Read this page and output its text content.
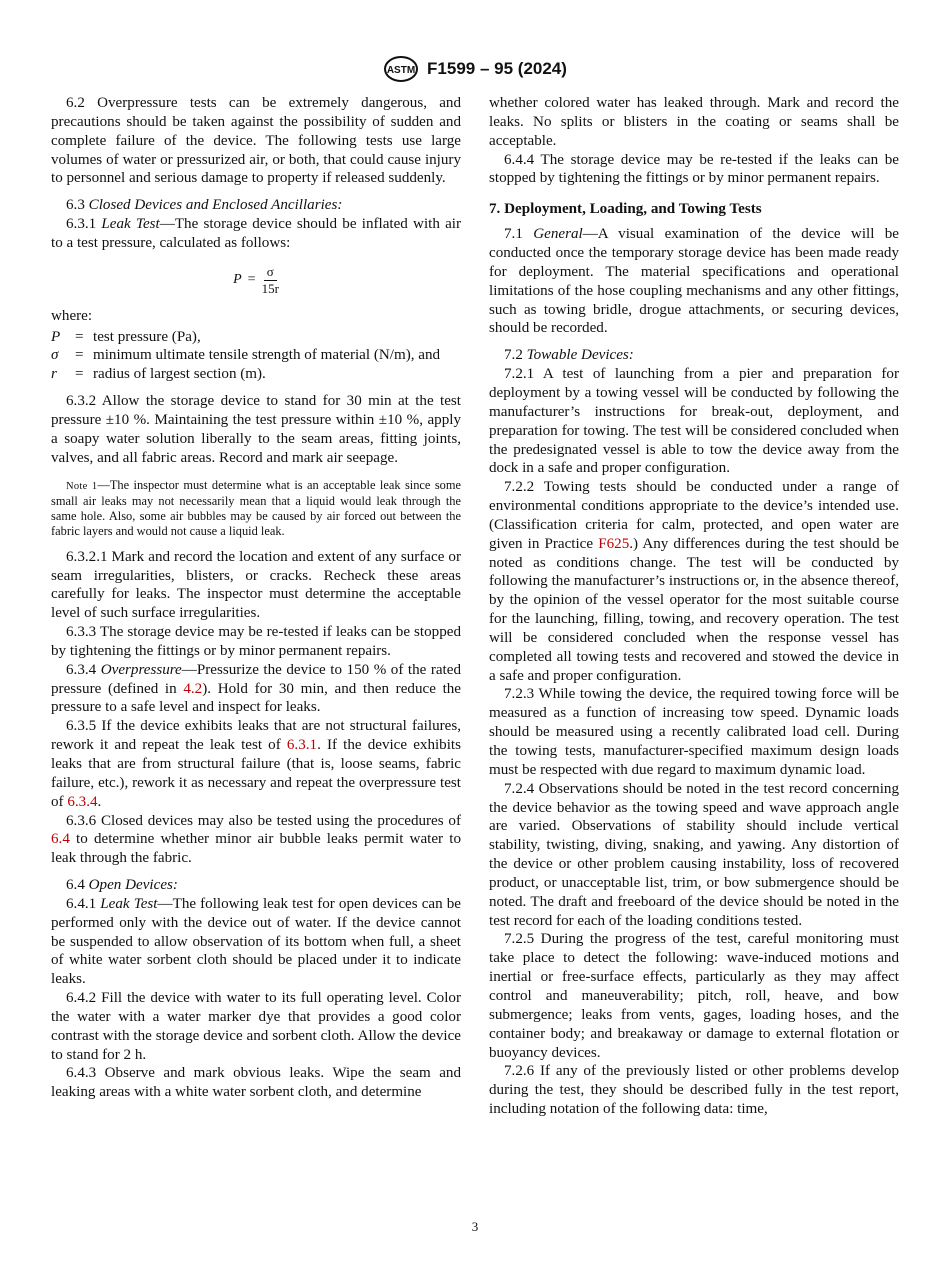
ASTM F1599 – 95 (2024)

6.2 Overpressure tests can be extremely dangerous, and precautions should be taken against the possibility of sudden and complete failure of the device. The following tests use large volumes of water or pressurized air, or both, that could cause injury to personnel and serious damage to property if released suddenly.

6.3 Closed Devices and Enclosed Ancillaries:

6.3.1 Leak Test—The storage device should be inflated with air to a test pressure, calculated as follows:

$P = \frac{\sigma}{15r}$

where:

P = test pressure (Pa),
σ	= minimum ultimate tensile strength of material (N/m), and
r	= radius of largest section (m).

6.3.2 Allow the storage device to stand for 30 min at the test pressure ±10 %. Maintaining the test pressure within ±10 %, apply a soapy water solution liberally to the seam areas, fitting joints, valves, and all fabric areas. Record and mark air seepage.

Note 1—The inspector must determine what is an acceptable leak since some small air leaks may not necessarily mean that a liquid would leak through the same hole. Also, some air bubbles may be caused by air forced out between the fabric layers and would not cause a liquid leak.

6.3.2.1 Mark and record the location and extent of any surface or seam irregularities, blisters, or cracks. Recheck these areas carefully for leaks. The inspector must determine the acceptable level of such surface irregularities.

6.3.3 The storage device may be re-tested if leaks can be stopped by tightening the fittings or by minor permanent repairs.

6.3.4 Overpressure—Pressurize the device to 150 % of the rated pressure (defined in 4.2). Hold for 30 min, and then reduce the pressure to a safe level and inspect for leaks.

6.3.5 If the device exhibits leaks that are not structural failures, rework it and repeat the leak test of 6.3.1. If the device exhibits leaks that are from structural failure (that is, loose seams, fabric failure, etc.), rework it as necessary and repeat the overpressure test of 6.3.4.

6.3.6 Closed devices may also be tested using the procedures of 6.4 to determine whether minor air bubble leaks permit water to leak through the fabric.

6.4 Open Devices:

6.4.1 Leak Test—The following leak test for open devices can be performed only with the device out of water. If the device cannot be suspended to allow observation of its bottom when full, a sheet of white water sorbent cloth should be placed under it to indicate leaks.

6.4.2 Fill the device with water to its full operating level. Color the water with a water marker dye that provides a good color contrast with the storage device and sorbent cloth. Allow the device to stand for 2 h.

6.4.3 Observe and mark obvious leaks. Wipe the seam and leaking areas with a white water sorbent cloth, and determine

whether colored water has leaked through. Mark and record the leaks. No splits or blisters in the coating or seams shall be acceptable.

6.4.4 The storage device may be re-tested if the leaks can be stopped by tightening the fittings or by minor permanent repairs.

7. Deployment, Loading, and Towing Tests

7.1 General—A visual examination of the device will be conducted once the temporary storage device has been made ready for deployment. The material specifications and operational limitations of the hose coupling mechanisms and any other fittings, such as towing bridle, drogue attachments, or securing devices, should be recorded.

7.2 Towable Devices:

7.2.1 A test of launching from a pier and preparation for deployment by a towing vessel will be conducted by following the manufacturer’s instructions for break-out, deployment, and preparation for towing. The test will be considered concluded when the predesignated vessel is able to tow the device away from the dock in a safe and proper configuration.

7.2.2 Towing tests should be conducted under a range of environmental conditions appropriate to the device’s intended use. (Classification criteria for calm, protected, and open water are given in Practice F625.) Any differences during the test should be noted as conditions change. The test will be conducted by following the manufacturer’s instructions or, in the absence thereof, by the opinion of the vessel operator for the most suitable course for the launching, filling, towing, and recovery operation. The test will be considered concluded when the response vessel has completed all towing tests and recovered and stowed the device in a safe and proper configuration.

7.2.3 While towing the device, the required towing force will be measured as a function of increasing tow speed. Dynamic loads should be measured using a recently calibrated load cell. During the towing tests, manufacturer-specified maximum design loads must be respected with due regard to maximum dynamic load.

7.2.4 Observations should be noted in the test record concerning the device behavior as the towing speed and wave approach angle are varied. Observations of stability should include vertical stability, twisting, diving, snaking, and yawing. Any distortion of the device or other problem causing instability, loss of recovered product, or unacceptable list, trim, or bow submergence should be noted. The draft and freeboard of the device should be noted in the test record for each of the loading conditions tested.

7.2.5 During the progress of the test, careful monitoring must take place to detect the following: wave-induced motions and inertial or free-surface effects, particularly as they may affect control and maneuverability; pitch, roll, heave, and bow submergence; leaks from vents, gages, loading hoses, and the container body; and breakaway or damage to external flotation or buoyancy devices.

7.2.6 If any of the previously listed or other problems develop during the test, they should be described fully in the test report, including notation of the following data: time,

3
